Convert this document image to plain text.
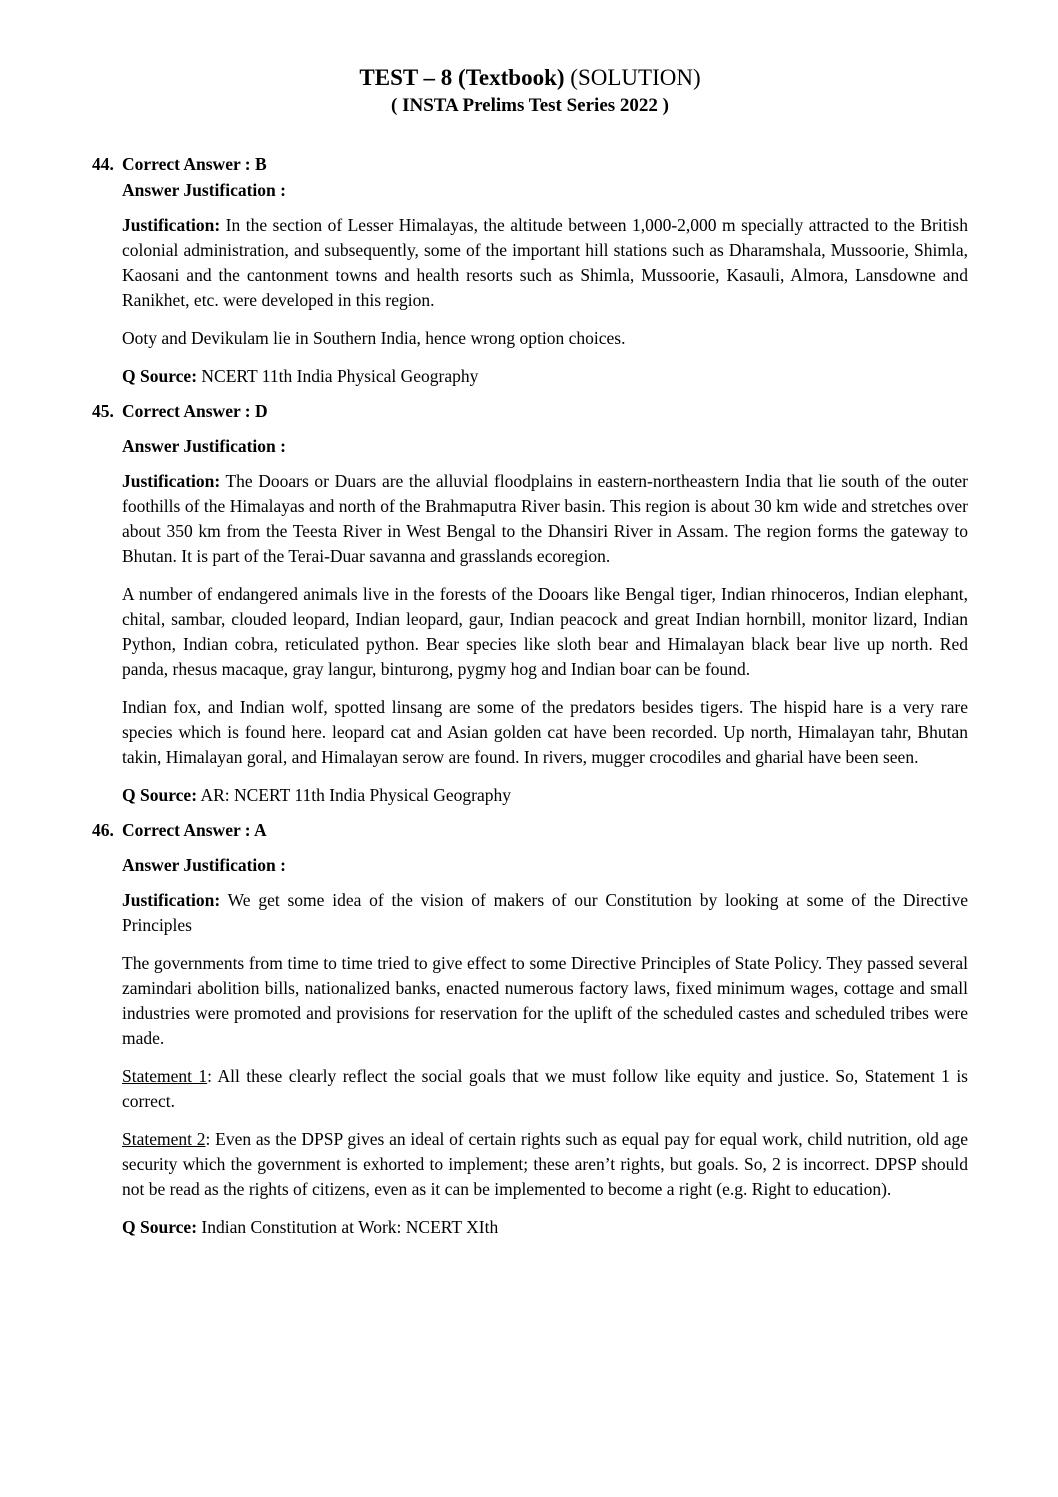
TEST – 8 (Textbook) (SOLUTION)
( INSTA Prelims Test Series 2022 )
44. Correct Answer : B

Answer Justification :

Justification: In the section of Lesser Himalayas, the altitude between 1,000-2,000 m specially attracted to the British colonial administration, and subsequently, some of the important hill stations such as Dharamshala, Mussoorie, Shimla, Kaosani and the cantonment towns and health resorts such as Shimla, Mussoorie, Kasauli, Almora, Lansdowne and Ranikhet, etc. were developed in this region.

Ooty and Devikulam lie in Southern India, hence wrong option choices.

Q Source: NCERT 11th India Physical Geography

45. Correct Answer : D

Answer Justification :

Justification: The Dooars or Duars are the alluvial floodplains in eastern-northeastern India that lie south of the outer foothills of the Himalayas and north of the Brahmaputra River basin. This region is about 30 km wide and stretches over about 350 km from the Teesta River in West Bengal to the Dhansiri River in Assam. The region forms the gateway to Bhutan. It is part of the Terai-Duar savanna and grasslands ecoregion.

A number of endangered animals live in the forests of the Dooars like Bengal tiger, Indian rhinoceros, Indian elephant, chital, sambar, clouded leopard, Indian leopard, gaur, Indian peacock and great Indian hornbill, monitor lizard, Indian Python, Indian cobra, reticulated python. Bear species like sloth bear and Himalayan black bear live up north. Red panda, rhesus macaque, gray langur, binturong, pygmy hog and Indian boar can be found.

Indian fox, and Indian wolf, spotted linsang are some of the predators besides tigers. The hispid hare is a very rare species which is found here. leopard cat and Asian golden cat have been recorded. Up north, Himalayan tahr, Bhutan takin, Himalayan goral, and Himalayan serow are found. In rivers, mugger crocodiles and gharial have been seen.

Q Source: AR: NCERT 11th India Physical Geography

46. Correct Answer : A

Answer Justification :

Justification: We get some idea of the vision of makers of our Constitution by looking at some of the Directive Principles

The governments from time to time tried to give effect to some Directive Principles of State Policy. They passed several zamindari abolition bills, nationalized banks, enacted numerous factory laws, fixed minimum wages, cottage and small industries were promoted and provisions for reservation for the uplift of the scheduled castes and scheduled tribes were made.

Statement 1: All these clearly reflect the social goals that we must follow like equity and justice. So, Statement 1 is correct.

Statement 2: Even as the DPSP gives an ideal of certain rights such as equal pay for equal work, child nutrition, old age security which the government is exhorted to implement; these aren’t rights, but goals. So, 2 is incorrect. DPSP should not be read as the rights of citizens, even as it can be implemented to become a right (e.g. Right to education).

Q Source: Indian Constitution at Work: NCERT XIth
